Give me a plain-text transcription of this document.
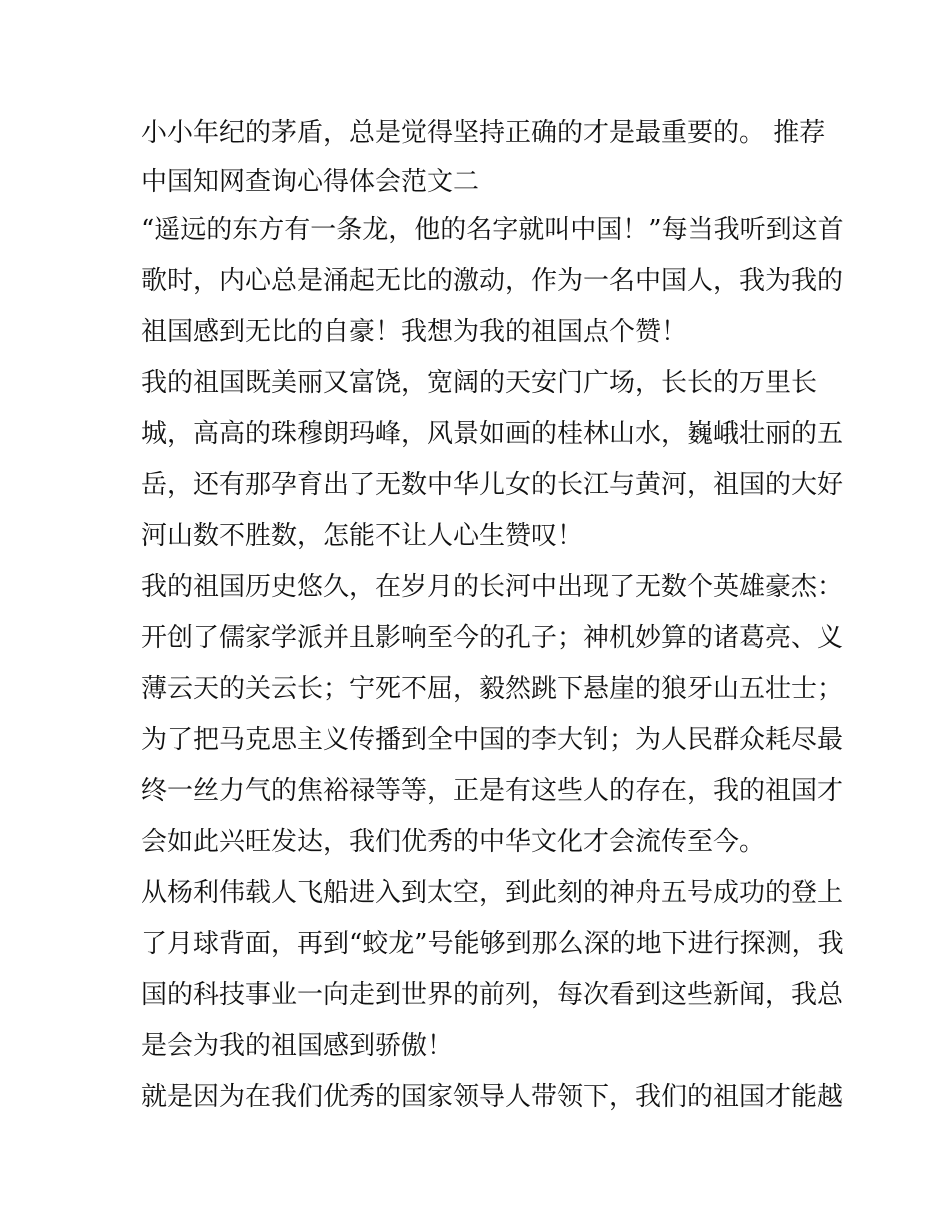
小小年纪的茅盾，总是觉得坚持正确的才是最重要的。 推荐
中国知网查询心得体会范文二
“遥远的东方有一条龙，他的名字就叫中国！”每当我听到这首
歌时，内心总是涌起无比的激动，作为一名中国人，我为我的
祖国感到无比的自豪！我想为我的祖国点个赞！
我的祖国既美丽又富饶，宽阔的天安门广场，长长的万里长
城，高高的珠穆朗玛峰，风景如画的桂林山水，巍峨壮丽的五
岳，还有那孕育出了无数中华儿女的长江与黄河，祖国的大好
河山数不胜数，怎能不让人心生赞叹！
我的祖国历史悠久，在岁月的长河中出现了无数个英雄豪杰：
开创了儒家学派并且影响至今的孔子；神机妙算的诸葛亮、义
薄云天的关云长；宁死不屈，毅然跳下悬崖的狼牙山五壮士；
为了把马克思主义传播到全中国的李大钊；为人民群众耗尽最
终一丝力气的焦裕禄等等，正是有这些人的存在，我的祖国才
会如此兴旺发达，我们优秀的中华文化才会流传至今。
从杨利伟载人飞船进入到太空，到此刻的神舟五号成功的登上
了月球背面，再到“蛟龙”号能够到那么深的地下进行探测，我
国的科技事业一向走到世界的前列，每次看到这些新闻，我总
是会为我的祖国感到骄傲！
就是因为在我们优秀的国家领导人带领下，我们的祖国才能越
